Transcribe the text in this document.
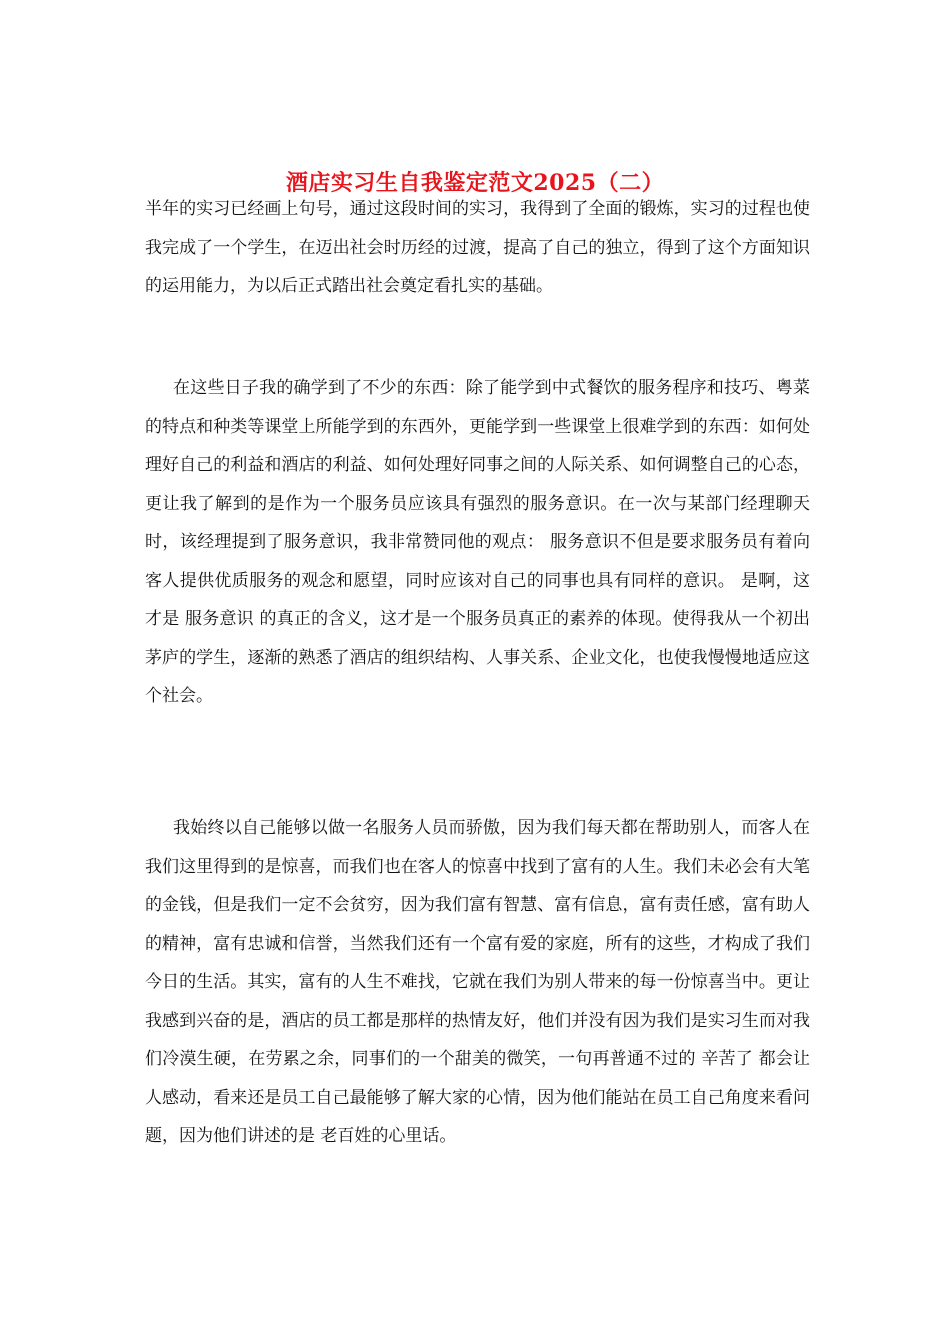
酒店实习生自我鉴定范文2025（二）

半年的实习已经画上句号，通过这段时间的实习，我得到了全面的锻炼，实习的过程也使我完成了一个学生，在迈出社会时历经的过渡，提高了自己的独立，得到了这个方面知识的运用能力，为以后正式踏出社会奠定看扎实的基础。

在这些日子我的确学到了不少的东西：除了能学到中式餐饮的服务程序和技巧、粤菜的特点和种类等课堂上所能学到的东西外，更能学到一些课堂上很难学到的东西：如何处理好自己的利益和酒店的利益、如何处理好同事之间的人际关系、如何调整自己的心态，更让我了解到的是作为一个服务员应该具有强烈的服务意识。在一次与某部门经理聊天时，该经理提到了服务意识，我非常赞同他的观点： 服务意识不但是要求服务员有着向客人提供优质服务的观念和愿望，同时应该对自己的同事也具有同样的意识。 是啊，这才是 服务意识 的真正的含义，这才是一个服务员真正的素养的体现。使得我从一个初出茅庐的学生，逐渐的熟悉了酒店的组织结构、人事关系、企业文化，也使我慢慢地适应这个社会。

我始终以自己能够以做一名服务人员而骄傲，因为我们每天都在帮助别人，而客人在我们这里得到的是惊喜，而我们也在客人的惊喜中找到了富有的人生。我们未必会有大笔的金钱，但是我们一定不会贫穷，因为我们富有智慧、富有信息，富有责任感，富有助人的精神，富有忠诚和信誉，当然我们还有一个富有爱的家庭，所有的这些，才构成了我们今日的生活。其实，富有的人生不难找，它就在我们为别人带来的每一份惊喜当中。更让我感到兴奋的是，酒店的员工都是那样的热情友好，他们并没有因为我们是实习生而对我们冷漠生硬，在劳累之余，同事们的一个甜美的微笑，一句再普通不过的 辛苦了 都会让人感动，看来还是员工自己最能够了解大家的心情，因为他们能站在员工自己角度来看问题，因为他们讲述的是 老百姓的心里话。
